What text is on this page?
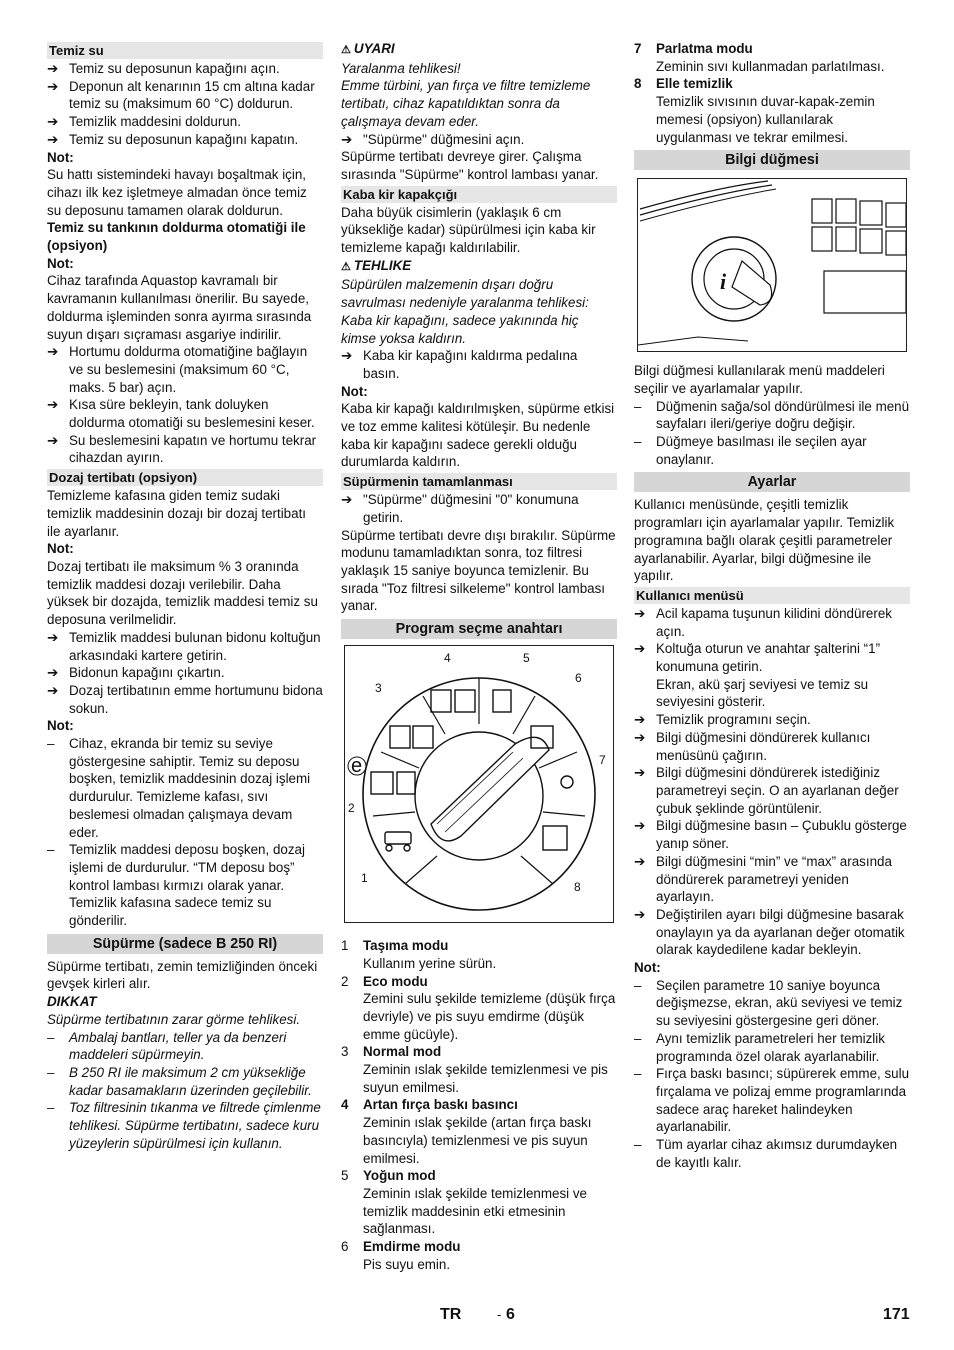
Temiz su
➔ Temiz su deposunun kapağını açın.
➔ Deponun alt kenarının 15 cm altına kadar temiz su (maksimum 60 °C) doldurun.
➔ Temizlik maddesini doldurun.
➔ Temiz su deposunun kapağını kapatın.

Not:

Su hattı sistemindeki havayı boşaltmak için, cihazı ilk kez işletmeye almadan önce temiz su deposunu tamamen olarak doldurun.

Temiz su tankının doldurma otomatiği ile (opsiyon)

Not:

Cihaz tarafında Aquastop kavramalı bir kavramanın kullanılması önerilir. Bu sayede, doldurma işleminden sonra ayırma sırasında suyun dışarı sıçraması asgariye indirilir.

➔ Hortumu doldurma otomatiğine bağlayın ve su beslemesini (maksimum 60 °C, maks. 5 bar) açın.
➔ Kısa süre bekleyin, tank doluyken doldurma otomatiği su beslemesini keser.
➔ Su beslemesini kapatın ve hortumu tekrar cihazdan ayırın.
Dozaj tertibatı (opsiyon)

Temizleme kafasına giden temiz sudaki temizlik maddesinin dozajı bir dozaj tertibatı ile ayarlanır.

Not:

Dozaj tertibatı ile maksimum % 3 oranında temizlik maddesi dozajı verilebilir. Daha yüksek bir dozajda, temizlik maddesi temiz su deposuna verilmelidir.

➔ Temizlik maddesi bulunan bidonu koltuğun arkasındaki kartere getirin.
➔ Bidonun kapağını çıkartın.
➔ Dozaj tertibatının emme hortumunu bidona sokun.

Not:

–	Cihaz, ekranda bir temiz su seviye göstergesine sahiptir. Temiz su deposu boşken, temizlik maddesinin dozaj işlemi durdurulur. Temizleme kafası, sıvı beslemesi olmadan çalışmaya devam eder.
–	Temizlik maddesi deposu boşken, dozaj işlemi de durdurulur. “TM deposu boş” kontrol lambası kırmızı olarak yanar. Temizlik kafasına sadece temiz su gönderilir.
Süpürme (sadece B 250 RI)

Süpürme tertibatı, zemin temizliğinden önceki gevşek kirleri alır.

DIKKAT

Süpürme tertibatının zarar görme tehlikesi.

–	Ambalaj bantları, teller ya da benzeri maddeleri süpürmeyin.
–	B 250 RI ile maksimum 2 cm yüksekliğe kadar basamakların üzerinden geçilebilir.
–	Toz filtresinin tıkanma ve filtrede çimlenme tehlikesi. Süpürme tertibatını, sadece kuru yüzeylerin süpürülmesi için kullanın.
⚠ UYARI

Yaralanma tehlikesi!

Emme türbini, yan fırça ve filtre temizleme tertibatı, cihaz kapatıldıktan sonra da çalışmaya devam eder.

➔ "Süpürme" düğmesini açın.

Süpürme tertibatı devreye girer. Çalışma sırasında "Süpürme" kontrol lambası yanar.

Kaba kir kapakçığı

Daha büyük cisimlerin (yaklaşık 6 cm yüksekliğe kadar) süpürülmesi için kaba kir temizleme kapağı kaldırılabilir.

⚠ TEHLIKE

Süpürülen malzemenin dışarı doğru savrulması nedeniyle yaralanma tehlikesi: Kaba kir kapağını, sadece yakınında hiç kimse yoksa kaldırın.

➔ Kaba kir kapağını kaldırma pedalına basın.

Not:

Kaba kir kapağı kaldırılmışken, süpürme etkisi ve toz emme kalitesi kötüleşir. Bu nedenle kaba kir kapağını sadece gerekli olduğu durumlarda kaldırın.

Süpürmenin tamamlanması
➔ "Süpürme" düğmesini "0" konumuna getirin.

Süpürme tertibatı devre dışı bırakılır. Süpürme modunu tamamladıktan sonra, toz filtresi yaklaşık 15 saniye boyunca temizlenir. Bu sırada "Toz filtresi silkeleme" kontrol lambası yanar.

Program seçme anahtarı
1
2
3
4	5
6
7
8
e
1	Taşıma modu
Kullanım yerine sürün.
2	Eco modu
Zemini sulu şekilde temizleme (düşük fırça devriyle) ve pis suyu emdirme (düşük emme gücüyle).
3	Normal mod
Zeminin ıslak şekilde temizlenmesi ve pis suyun emilmesi.
4	Artan fırça baskı basıncı
Zeminin ıslak şekilde (artan fırça baskı basıncıyla) temizlenmesi ve pis suyun emilmesi.
5	Yoğun mod
Zeminin ıslak şekilde temizlenmesi ve temizlik maddesinin etki etmesinin sağlanması.
6	Emdirme modu
Pis suyu emin.
7	Parlatma modu
Zeminin sıvı kullanmadan parlatılması.
8	Elle temizlik
Temizlik sıvısının duvar-kapak-zemin memesi (opsiyon) kullanılarak uygulanması ve tekrar emilmesi.
Bilgi düğmesi
i

Bilgi düğmesi kullanılarak menü maddeleri seçilir ve ayarlamalar yapılır.

–	Düğmenin sağa/sol döndürülmesi ile menü sayfaları ileri/geriye doğru değişir.
–	Düğmeye basılması ile seçilen ayar onaylanır.
Ayarlar

Kullanıcı menüsünde, çeşitli temizlik programları için ayarlamalar yapılır. Temizlik programına bağlı olarak çeşitli parametreler ayarlanabilir. Ayarlar, bilgi düğmesine ile yapılır.

Kullanıcı menüsü
➔ Acil kapama tuşunun kilidini döndürerek açın.
➔ Koltuğa oturun ve anahtar şalterini “1” konumuna getirin.

Ekran, akü şarj seviyesi ve temiz su seviyesini gösterir.

➔ Temizlik programını seçin.
➔ Bilgi düğmesini döndürerek kullanıcı menüsünü çağırın.
➔ Bilgi düğmesini döndürerek istediğiniz parametreyi seçin. O an ayarlanan değer çubuk şeklinde görüntülenir.
➔ Bilgi düğmesine basın – Çubuklu gösterge yanıp söner.
➔ Bilgi düğmesini “min” ve “max” arasında döndürerek parametreyi yeniden ayarlayın.
➔ Değiştirilen ayarı bilgi düğmesine basarak onaylayın ya da ayarlanan değer otomatik olarak kaydedilene kadar bekleyin.

Not:

–	Seçilen parametre 10 saniye boyunca değişmezse, ekran, akü seviyesi ve temiz su seviyesini göstergesine geri döner.
–	Aynı temizlik parametreleri her temizlik programında özel olarak ayarlanabilir.
–	Fırça baskı basıncı; süpürerek emme, sulu fırçalama ve polizaj emme programlarında sadece araç hareket halindeyken ayarlanabilir.
–	Tüm ayarlar cihaz akımsız durumdayken de kayıtlı kalır.
TR	- 6	171
